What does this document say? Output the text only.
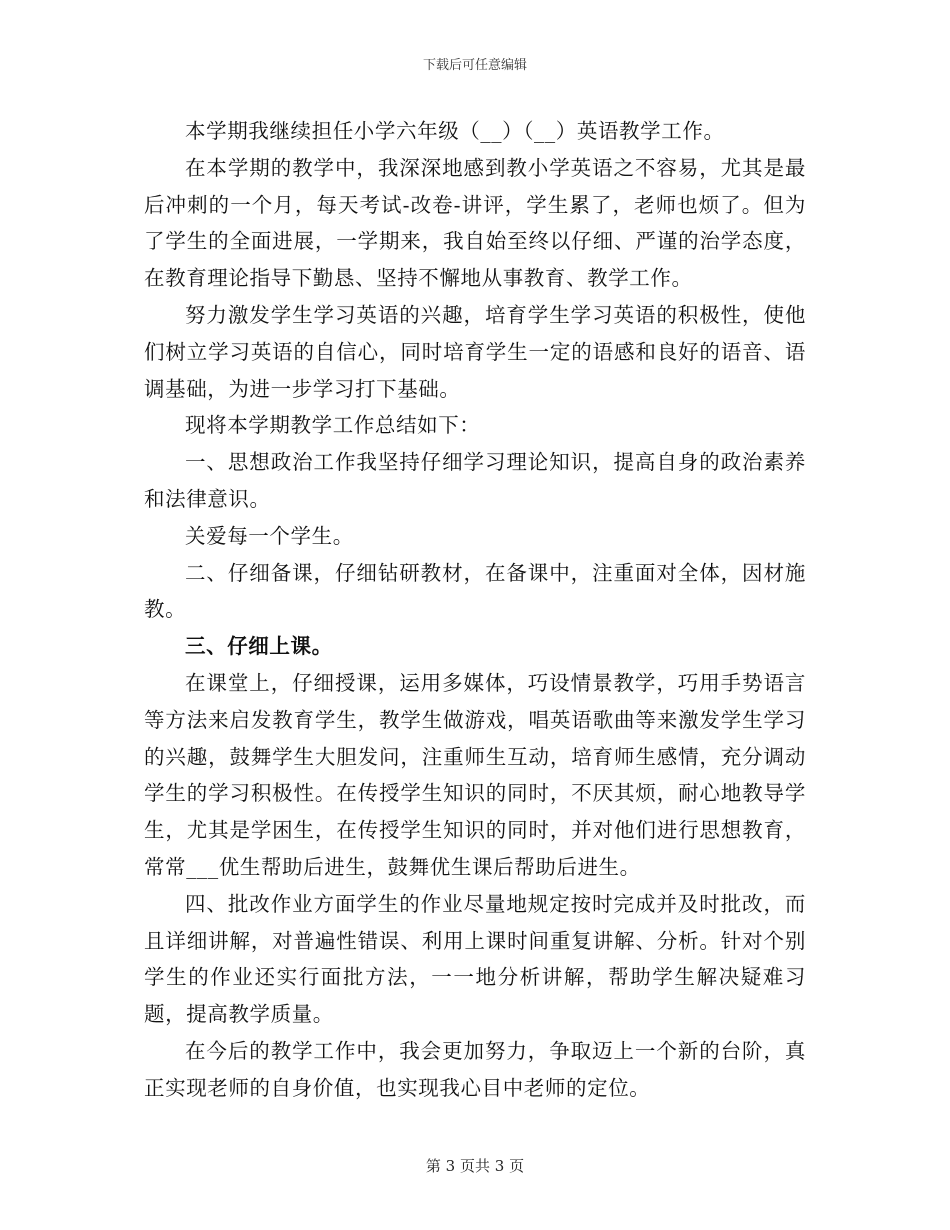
下载后可任意编辑

本学期我继续担任小学六年级（__）（__）英语教学工作。

在本学期的教学中，我深深地感到教小学英语之不容易，尤其是最后冲刺的一个月，每天考试-改卷-讲评，学生累了，老师也烦了。但为了学生的全面进展，一学期来，我自始至终以仔细、严谨的治学态度，在教育理论指导下勤恳、坚持不懈地从事教育、教学工作。

努力激发学生学习英语的兴趣，培育学生学习英语的积极性，使他们树立学习英语的自信心，同时培育学生一定的语感和良好的语音、语调基础，为进一步学习打下基础。

现将本学期教学工作总结如下：

一、思想政治工作我坚持仔细学习理论知识，提高自身的政治素养和法律意识。

关爱每一个学生。

二、仔细备课，仔细钻研教材，在备课中，注重面对全体，因材施教。

三、仔细上课。

在课堂上，仔细授课，运用多媒体，巧设情景教学，巧用手势语言等方法来启发教育学生，教学生做游戏，唱英语歌曲等来激发学生学习的兴趣，鼓舞学生大胆发问，注重师生互动，培育师生感情，充分调动学生的学习积极性。在传授学生知识的同时，不厌其烦，耐心地教导学生，尤其是学困生，在传授学生知识的同时，并对他们进行思想教育，常常___优生帮助后进生，鼓舞优生课后帮助后进生。

四、批改作业方面学生的作业尽量地规定按时完成并及时批改，而且详细讲解，对普遍性错误、利用上课时间重复讲解、分析。针对个别学生的作业还实行面批方法，一一地分析讲解，帮助学生解决疑难习题，提高教学质量。

在今后的教学工作中，我会更加努力，争取迈上一个新的台阶，真正实现老师的自身价值，也实现我心目中老师的定位。

第 3 页共 3 页
